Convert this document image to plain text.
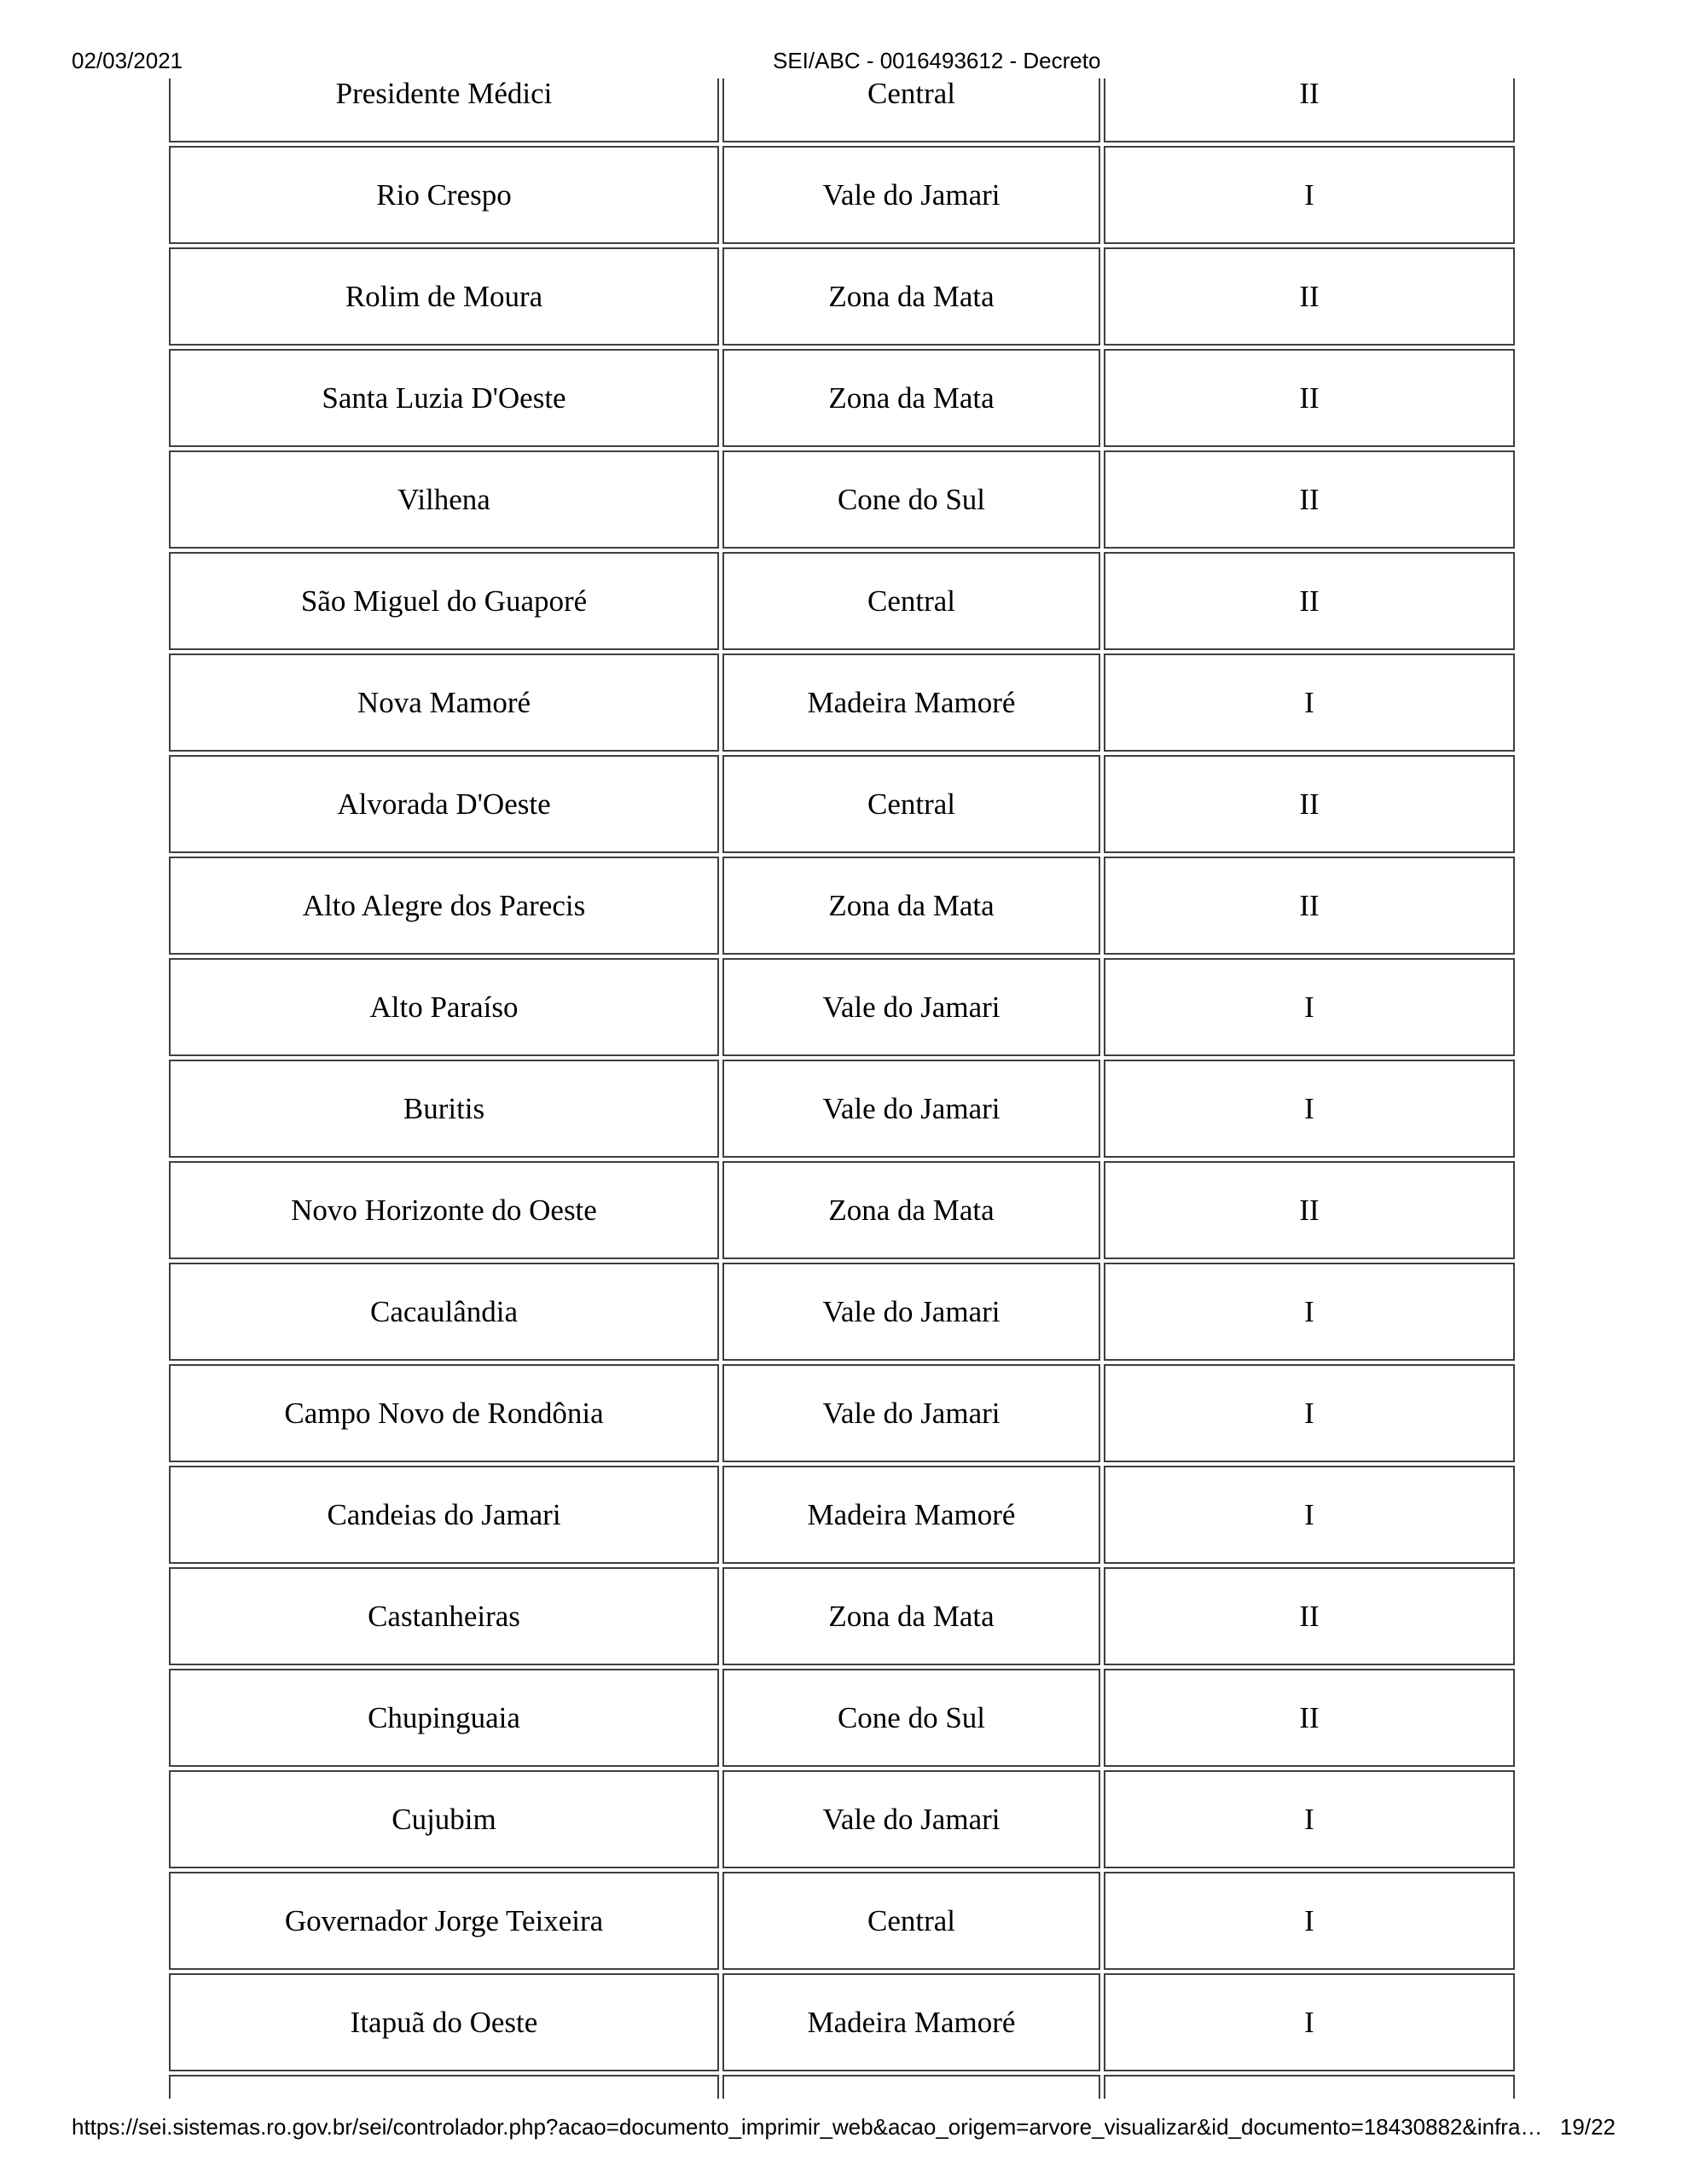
02/03/2021	SEI/ABC - 0016493612 - Decreto
Presidente Médici	Central	II
Rio Crespo	Vale do Jamari	I
Rolim de Moura	Zona da Mata	II
Santa Luzia D'Oeste	Zona da Mata	II
Vilhena	Cone do Sul	II
São Miguel do Guaporé	Central	II
Nova Mamoré	Madeira Mamoré	I
Alvorada D'Oeste	Central	II
Alto Alegre dos Parecis	Zona da Mata	II
Alto Paraíso	Vale do Jamari	I
Buritis	Vale do Jamari	I
Novo Horizonte do Oeste	Zona da Mata	II
Cacaulândia	Vale do Jamari	I
Campo Novo de Rondônia	Vale do Jamari	I
Candeias do Jamari	Madeira Mamoré	I
Castanheiras	Zona da Mata	II
Chupinguaia	Cone do Sul	II
Cujubim	Vale do Jamari	I
Governador Jorge Teixeira	Central	I
Itapuã do Oeste	Madeira Mamoré	I

https://sei.sistemas.ro.gov.br/sei/controlador.php?acao=documento_imprimir_web&acao_origem=arvore_visualizar&id_documento=18430882&infra… 19/22
